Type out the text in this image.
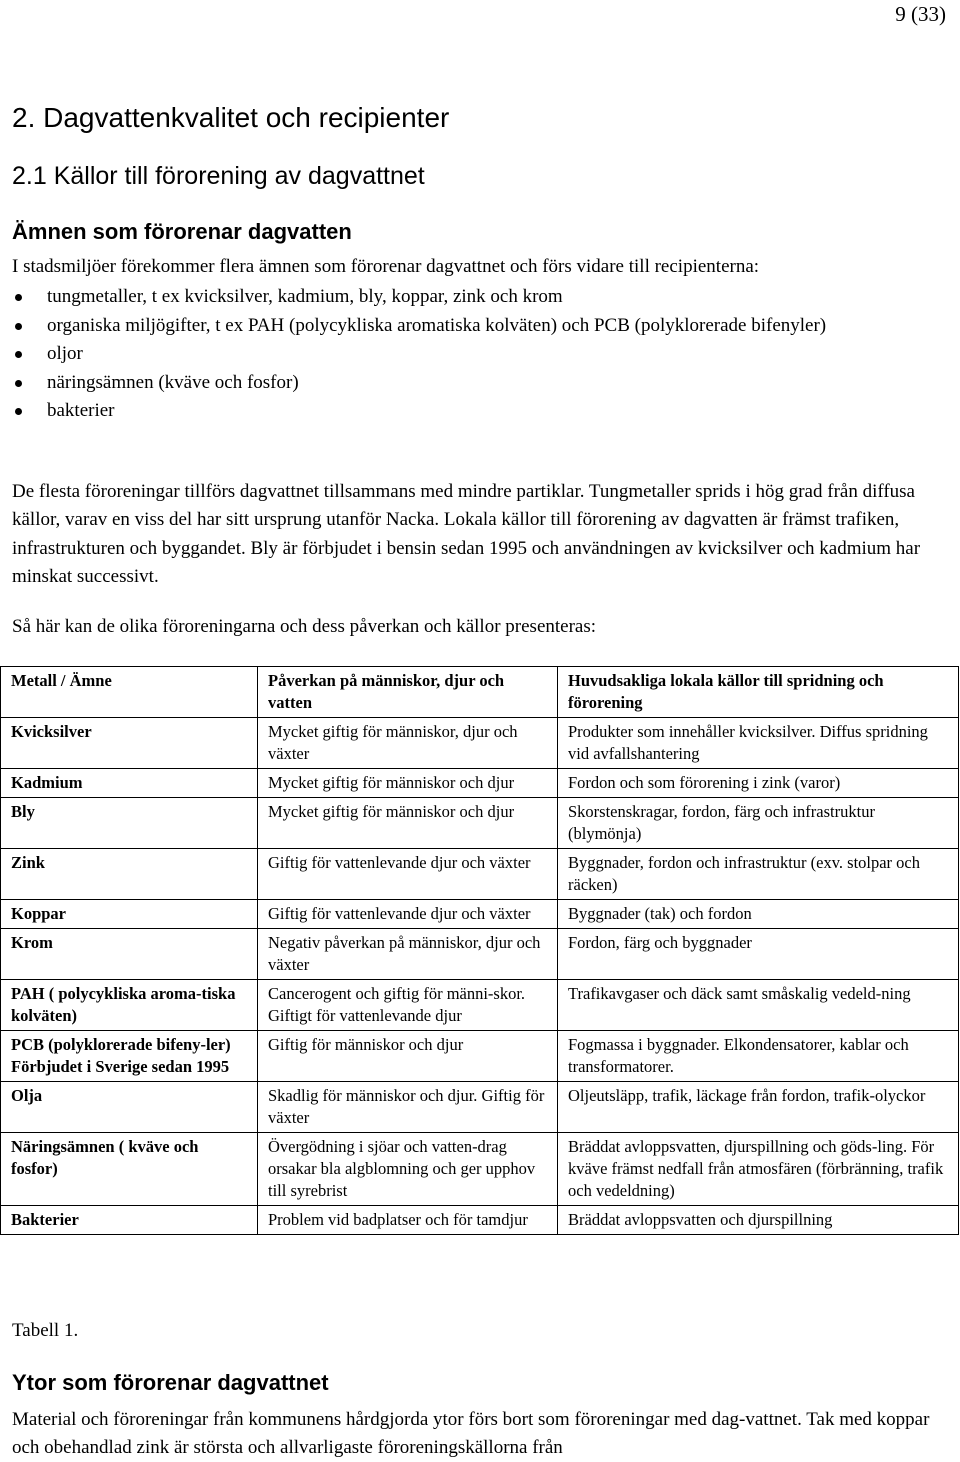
9 (33)
2. Dagvattenkvalitet och recipienter
2.1 Källor till förorening av dagvattnet
Ämnen som förorenar dagvatten
I stadsmiljöer förekommer flera ämnen som förorenar dagvattnet och förs vidare till recipienterna:
tungmetaller, t ex kvicksilver, kadmium, bly, koppar, zink och krom
organiska miljögifter, t ex PAH (polycykliska aromatiska kolväten) och PCB (polyklorerade bifenyler)
oljor
näringsämnen (kväve och fosfor)
bakterier
De flesta föroreningar tillförs dagvattnet tillsammans med mindre partiklar. Tungmetaller sprids i hög grad från diffusa källor, varav en viss del har sitt ursprung utanför Nacka. Lokala källor till förorening av dagvatten är främst trafiken, infrastrukturen och byggandet. Bly är förbjudet i bensin sedan 1995 och användningen av kvicksilver och kadmium har minskat successivt.
Så här kan de olika föroreningarna och dess påverkan och källor presenteras:
Metall / Ämne	Påverkan på människor, djur och vatten	Huvudsakliga lokala källor till spridning och förorening
Kvicksilver	Mycket giftig för människor, djur och växter	Produkter som innehåller kvicksilver. Diffus spridning vid avfallshantering
Kadmium	Mycket giftig för människor och djur	Fordon och som förorening i zink (varor)
Bly	Mycket giftig för människor och djur	Skorstenskragar, fordon, färg och infrastruktur (blymönja)
Zink	Giftig för vattenlevande djur och växter	Byggnader, fordon och infrastruktur (exv. stolpar och räcken)
Koppar	Giftig för vattenlevande djur och växter	Byggnader (tak) och fordon
Krom	Negativ påverkan på människor, djur och växter	Fordon, färg och byggnader
PAH ( polycykliska aroma-tiska kolväten)	Cancerogent och giftig för männi-skor. Giftigt för vattenlevande djur	Trafikavgaser och däck samt småskalig vedeld-ning
PCB (polyklorerade bifeny-ler) Förbjudet i Sverige sedan 1995	Giftig för människor och djur	Fogmassa i byggnader. Elkondensatorer, kablar och transformatorer.
Olja	Skadlig för människor och djur. Giftig för växter	Oljeutsläpp, trafik, läckage från fordon, trafik-olyckor
Näringsämnen ( kväve och fosfor)	Övergödning i sjöar och vatten-drag orsakar bla algblomning och ger upphov till syrebrist	Bräddat avloppsvatten, djurspillning och göds-ling. För kväve främst nedfall från atmosfären (förbränning, trafik och vedeldning)
Bakterier	Problem vid badplatser och för tamdjur	Bräddat avloppsvatten och djurspillning
Tabell 1.
Ytor som förorenar dagvattnet
Material och föroreningar från kommunens hårdgjorda ytor förs bort som föroreningar med dag-vattnet. Tak med koppar och obehandlad zink är största och allvarligaste föroreningskällorna från
